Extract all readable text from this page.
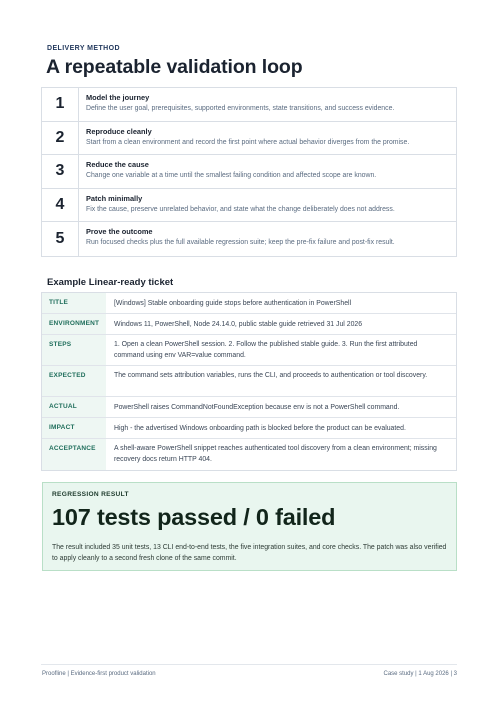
DELIVERY METHOD
A repeatable validation loop
1	Model the journey
Define the user goal, prerequisites, supported environments, state transitions, and success evidence.
2	Reproduce cleanly
Start from a clean environment and record the first point where actual behavior diverges from the promise.
3	Reduce the cause
Change one variable at a time until the smallest failing condition and affected scope are known.
4	Patch minimally
Fix the cause, preserve unrelated behavior, and state what the change deliberately does not address.
5	Prove the outcome
Run focused checks plus the full available regression suite; keep the pre-fix failure and post-fix result.
Example Linear-ready ticket
TITLE	[Windows] Stable onboarding guide stops before authentication in PowerShell
ENVIRONMENT	Windows 11, PowerShell, Node 24.14.0, public stable guide retrieved 31 Jul 2026
STEPS	1. Open a clean PowerShell session. 2. Follow the published stable guide. 3. Run the first attributed command using env VAR=value command.
EXPECTED	The command sets attribution variables, runs the CLI, and proceeds to authentication or tool discovery.
ACTUAL	PowerShell raises CommandNotFoundException because env is not a PowerShell command.
IMPACT	High - the advertised Windows onboarding path is blocked before the product can be evaluated.
ACCEPTANCE	A shell-aware PowerShell snippet reaches authenticated tool discovery from a clean environment; missing recovery docs return HTTP 404.
REGRESSION RESULT
107 tests passed / 0 failed
The result included 35 unit tests, 13 CLI end-to-end tests, the five integration suites, and core checks. The patch was also verified to apply cleanly to a second fresh clone of the same commit.
Proofline | Evidence-first product validation	Case study | 1 Aug 2026 | 3
